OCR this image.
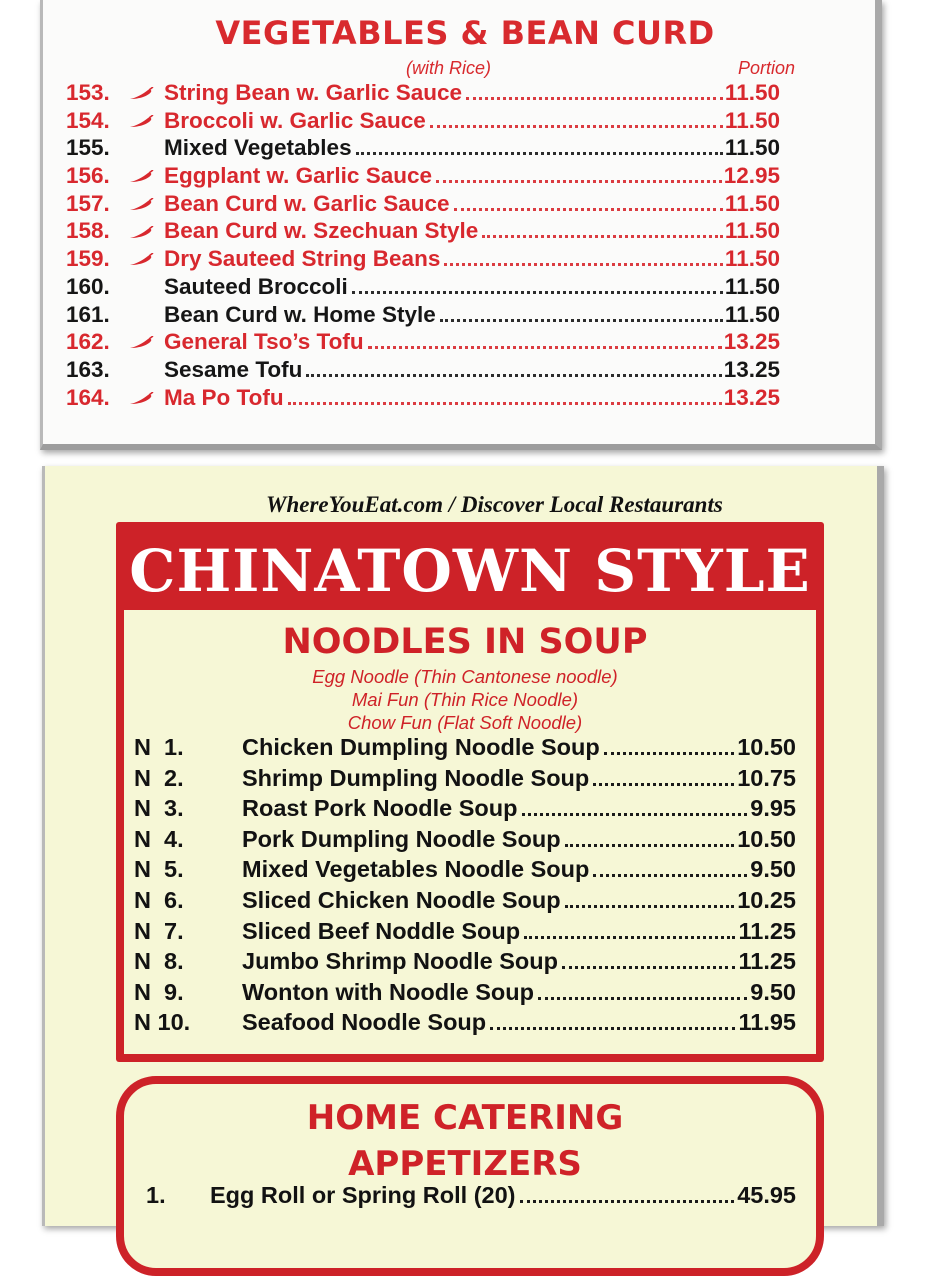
VEGETABLES & BEAN CURD
(with Rice)	Portion
153.	String Bean w. Garlic Sauce	11.50
154.	Broccoli w. Garlic Sauce	11.50
155.	Mixed Vegetables	11.50
156.	Eggplant w. Garlic Sauce	12.95
157.	Bean Curd w. Garlic Sauce	11.50
158.	Bean Curd w. Szechuan Style	11.50
159.	Dry Sauteed String Beans	11.50
160.	Sauteed Broccoli	11.50
161.	Bean Curd w. Home Style	11.50
162.	General Tso’s Tofu	13.25
163.	Sesame Tofu	13.25
164.	Ma Po Tofu	13.25
WhereYouEat.com / Discover Local Restaurants
CHINATOWN STYLE
NOODLES IN SOUP
Egg Noodle (Thin Cantonese noodle)
Mai Fun (Thin Rice Noodle)
Chow Fun (Flat Soft Noodle)
N  1.	Chicken Dumpling Noodle Soup	10.50
N  2.	Shrimp Dumpling Noodle Soup	10.75
N  3.	Roast Pork Noodle Soup	9.95
N  4.	Pork Dumpling Noodle Soup	10.50
N  5.	Mixed Vegetables Noodle Soup	9.50
N  6.	Sliced Chicken Noodle Soup	10.25
N  7.	Sliced Beef Noddle Soup	11.25
N  8.	Jumbo Shrimp Noodle Soup	11.25
N  9.	Wonton with Noodle Soup	9.50
N 10.	Seafood Noodle Soup	11.95
HOME CATERING
APPETIZERS
1.	Egg Roll or Spring Roll (20)	45.95
